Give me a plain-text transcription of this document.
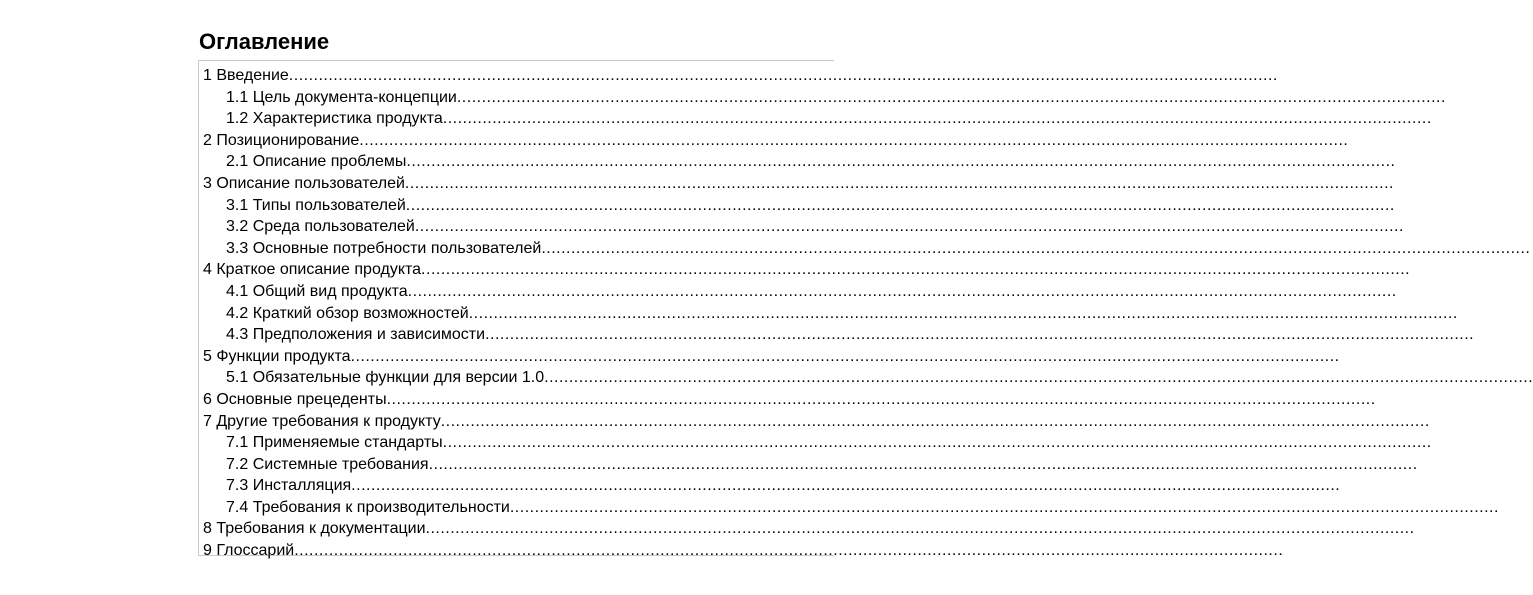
Оглавление
1 Введение ........................................................................................................................................................................................................
1.1 Цель документа-концепции ........................................................................................................................................................................................................
1.2 Характеристика продукта ........................................................................................................................................................................................................
2 Позиционирование ........................................................................................................................................................................................................
2.1 Описание проблемы ........................................................................................................................................................................................................
3 Описание пользователей ........................................................................................................................................................................................................
3.1 Типы пользователей ........................................................................................................................................................................................................
3.2 Среда пользователей ........................................................................................................................................................................................................
3.3 Основные потребности пользователей ........................................................................................................................................................................................................
4 Краткое описание продукта ........................................................................................................................................................................................................
4.1 Общий вид продукта ........................................................................................................................................................................................................
4.2 Краткий обзор возможностей ........................................................................................................................................................................................................
4.3 Предположения и зависимости ........................................................................................................................................................................................................
5 Функции продукта ........................................................................................................................................................................................................
5.1 Обязательные функции для версии 1.0 ........................................................................................................................................................................................................
6 Основные прецеденты ........................................................................................................................................................................................................
7 Другие требования к продукту ........................................................................................................................................................................................................
7.1 Применяемые стандарты ........................................................................................................................................................................................................
7.2 Системные требования ........................................................................................................................................................................................................
7.3 Инсталляция ........................................................................................................................................................................................................
7.4 Требования к производительности ........................................................................................................................................................................................................
8 Требования к документации ........................................................................................................................................................................................................
9 Глоссарий ........................................................................................................................................................................................................
